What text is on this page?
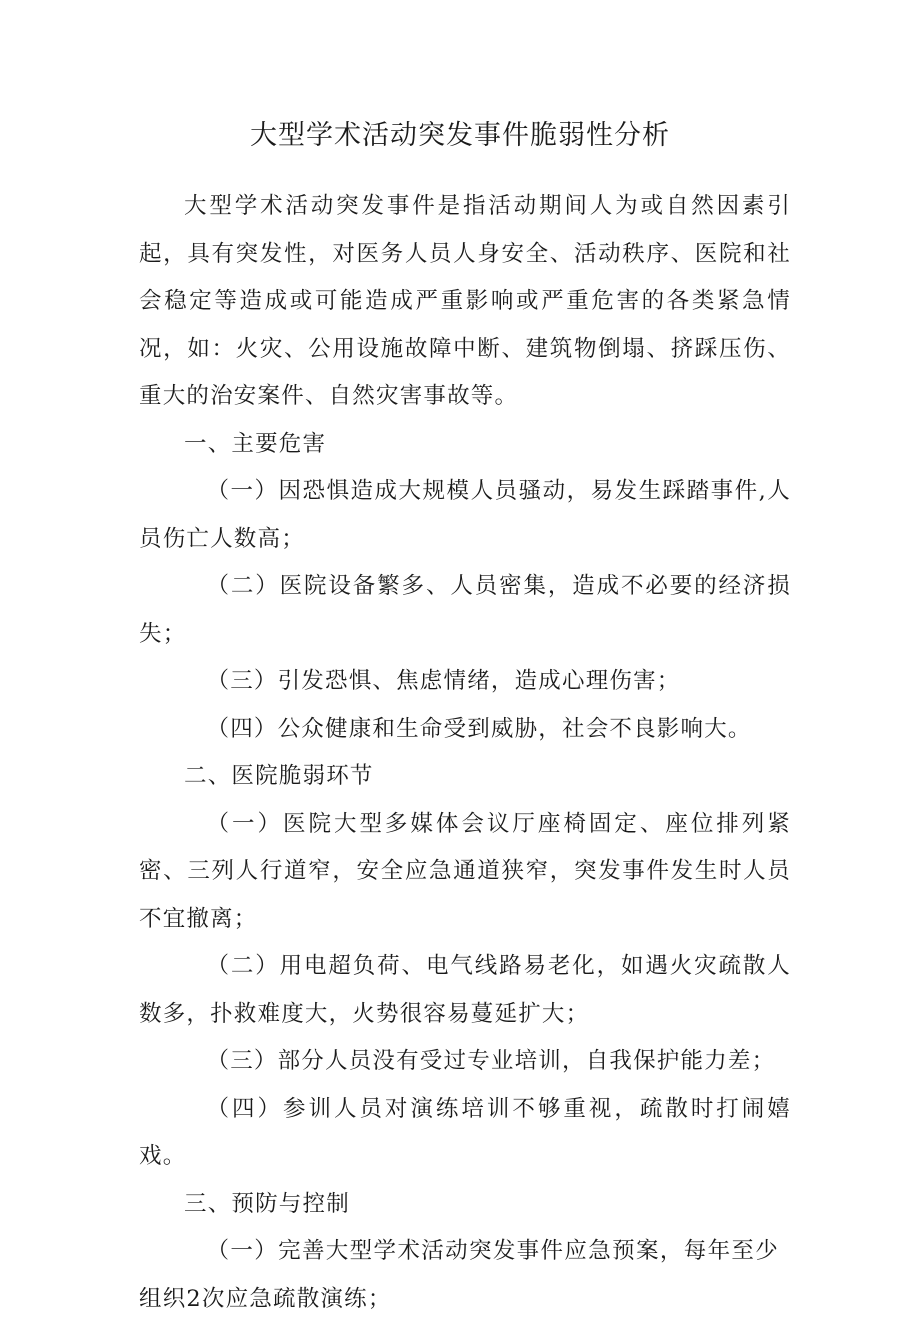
大型学术活动突发事件脆弱性分析

大型学术活动突发事件是指活动期间人为或自然因素引起，具有突发性，对医务人员人身安全、活动秩序、医院和社会稳定等造成或可能造成严重影响或严重危害的各类紧急情况，如：火灾、公用设施故障中断、建筑物倒塌、挤踩压伤、重大的治安案件、自然灾害事故等。

一、主要危害

（一）因恐惧造成大规模人员骚动，易发生踩踏事件,人员伤亡人数高；

（二）医院设备繁多、人员密集，造成不必要的经济损失；

（三）引发恐惧、焦虑情绪，造成心理伤害；

（四）公众健康和生命受到威胁，社会不良影响大。

二、医院脆弱环节

（一）医院大型多媒体会议厅座椅固定、座位排列紧密、三列人行道窄，安全应急通道狭窄，突发事件发生时人员不宜撤离；

（二）用电超负荷、电气线路易老化，如遇火灾疏散人数多，扑救难度大，火势很容易蔓延扩大；

（三）部分人员没有受过专业培训，自我保护能力差；

（四）参训人员对演练培训不够重视，疏散时打闹嬉戏。

三、预防与控制

（一）完善大型学术活动突发事件应急预案，每年至少组织2次应急疏散演练；
